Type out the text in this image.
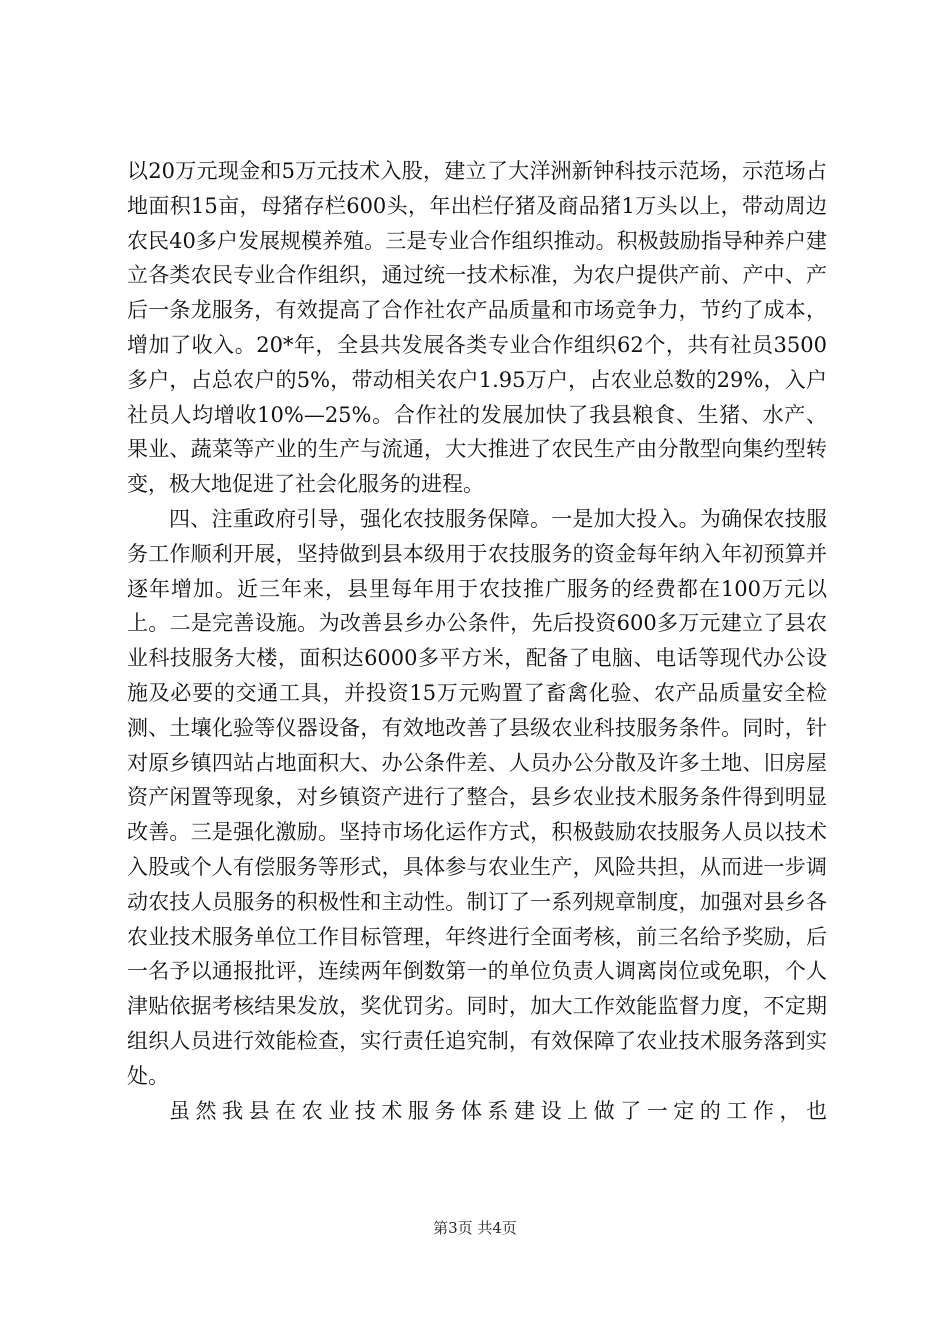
以20万元现金和5万元技术入股，建立了大洋洲新钟科技示范场，示范场占地面积15亩，母猪存栏600头，年出栏仔猪及商品猪1万头以上，带动周边农民40多户发展规模养殖。三是专业合作组织推动。积极鼓励指导种养户建立各类农民专业合作组织，通过统一技术标准，为农户提供产前、产中、产后一条龙服务，有效提高了合作社农产品质量和市场竞争力，节约了成本，增加了收入。20*年，全县共发展各类专业合作组织62个，共有社员3500多户，占总农户的5%，带动相关农户1.95万户，占农业总数的29%，入户社员人均增收10%—25%。合作社的发展加快了我县粮食、生猪、水产、果业、蔬菜等产业的生产与流通，大大推进了农民生产由分散型向集约型转变，极大地促进了社会化服务的进程。

四、注重政府引导，强化农技服务保障。一是加大投入。为确保农技服务工作顺利开展，坚持做到县本级用于农技服务的资金每年纳入年初预算并逐年增加。近三年来，县里每年用于农技推广服务的经费都在100万元以上。二是完善设施。为改善县乡办公条件，先后投资600多万元建立了县农业科技服务大楼，面积达6000多平方米，配备了电脑、电话等现代办公设施及必要的交通工具，并投资15万元购置了畜禽化验、农产品质量安全检测、土壤化验等仪器设备，有效地改善了县级农业科技服务条件。同时，针对原乡镇四站占地面积大、办公条件差、人员办公分散及许多土地、旧房屋资产闲置等现象，对乡镇资产进行了整合，县乡农业技术服务条件得到明显改善。三是强化激励。坚持市场化运作方式，积极鼓励农技服务人员以技术入股或个人有偿服务等形式，具体参与农业生产，风险共担，从而进一步调动农技人员服务的积极性和主动性。制订了一系列规章制度，加强对县乡各农业技术服务单位工作目标管理，年终进行全面考核，前三名给予奖励，后一名予以通报批评，连续两年倒数第一的单位负责人调离岗位或免职，个人津贴依据考核结果发放，奖优罚劣。同时，加大工作效能监督力度，不定期组织人员进行效能检查，实行责任追究制，有效保障了农业技术服务落到实处。

虽然我县在农业技术服务体系建设上做了一定的工作，也

第3页 共4页
